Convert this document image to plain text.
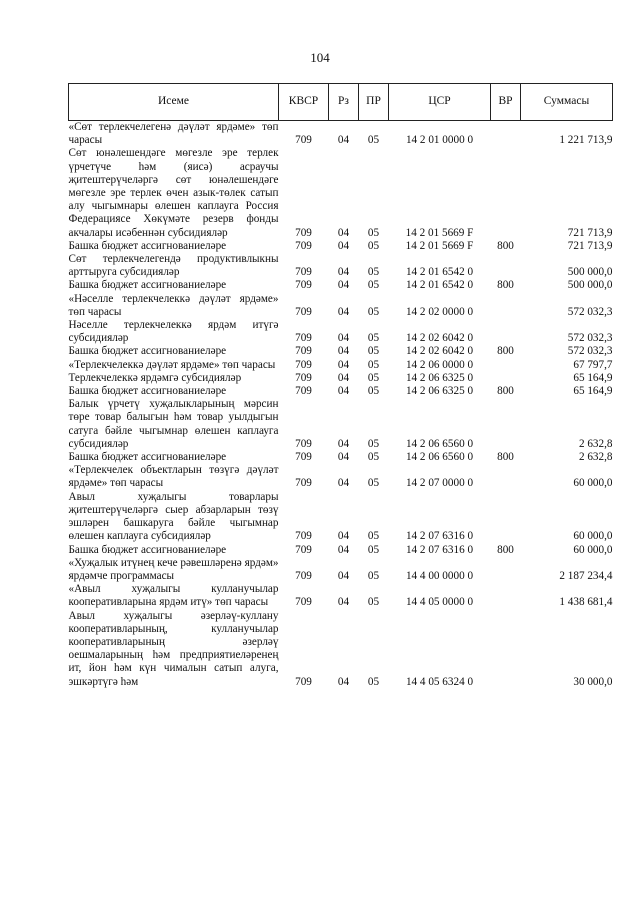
104
Исеме	КВСР	Рз	ПР	ЦСР	ВР	Суммасы
«Сөт терлекчелегенә дәүләт ярдәме» төп чарасы	709	04	05	14 2 01 0000 0		1 221 713,9
Сөт юнәлешендәге мөгезле эре терлек үрчетүче һәм (яисә) асраучы җитештерүчеләргә сөт юнәлешендәге мөгезле эре терлек өчен азык-төлек сатып алу чыгымнары өлешен каплауга Россия Федерациясе Хөкүмәте резерв фонды акчалары исәбеннән субсидияләр	709	04	05	14 2 01 5669 F		721 713,9
Башка бюджет ассигнованиеләре	709	04	05	14 2 01 5669 F	800	721 713,9
Сөт терлекчелегендә продуктивлыкны арттыруга субсидияләр	709	04	05	14 2 01 6542 0		500 000,0
Башка бюджет ассигнованиеләре	709	04	05	14 2 01 6542 0	800	500 000,0
«Нәселле терлекчелеккә дәүләт ярдәме» төп чарасы	709	04	05	14 2 02 0000 0		572 032,3
Нәселле терлекчелеккә ярдәм итүгә субсидияләр	709	04	05	14 2 02 6042 0		572 032,3
Башка бюджет ассигнованиеләре	709	04	05	14 2 02 6042 0	800	572 032,3
«Терлекчелеккә дәүләт ярдәме» төп чарасы	709	04	05	14 2 06 0000 0		67 797,7
Терлекчелеккә ярдәмгә субсидияләр	709	04	05	14 2 06 6325 0		65 164,9
Башка бюджет ассигнованиеләре	709	04	05	14 2 06 6325 0	800	65 164,9
Балык үрчетү хуҗалыкларының мәрсин төре товар балыгын һәм товар уылдыгын сатуга бәйле чыгымнар өлешен каплауга субсидияләр	709	04	05	14 2 06 6560 0		2 632,8
Башка бюджет ассигнованиеләре	709	04	05	14 2 06 6560 0	800	2 632,8
«Терлекчелек объектларын төзүгә дәүләт ярдәме» төп чарасы	709	04	05	14 2 07 0000 0		60 000,0
Авыл хуҗалыгы товарлары җитештерүчеләргә сыер абзарларын төзү эшләрен башкаруга бәйле чыгымнар өлешен каплауга субсидияләр	709	04	05	14 2 07 6316 0		60 000,0
Башка бюджет ассигнованиеләре	709	04	05	14 2 07 6316 0	800	60 000,0
«Хуҗалык итүнең кече рәвешләренә ярдәм» ярдәмче программасы	709	04	05	14 4 00 0000 0		2 187 234,4
«Авыл хуҗалыгы кулланучылар кооперативларына ярдәм итү» төп чарасы	709	04	05	14 4 05 0000 0		1 438 681,4
Авыл хуҗалыгы әзерләү-куллану кооперативларының, кулланучылар кооперативларының әзерләү оешмаларының һәм предприятиеләренең ит, йон һәм күн чималын сатып алуга, эшкәртүгә һәм	709	04	05	14 4 05 6324 0		30 000,0
